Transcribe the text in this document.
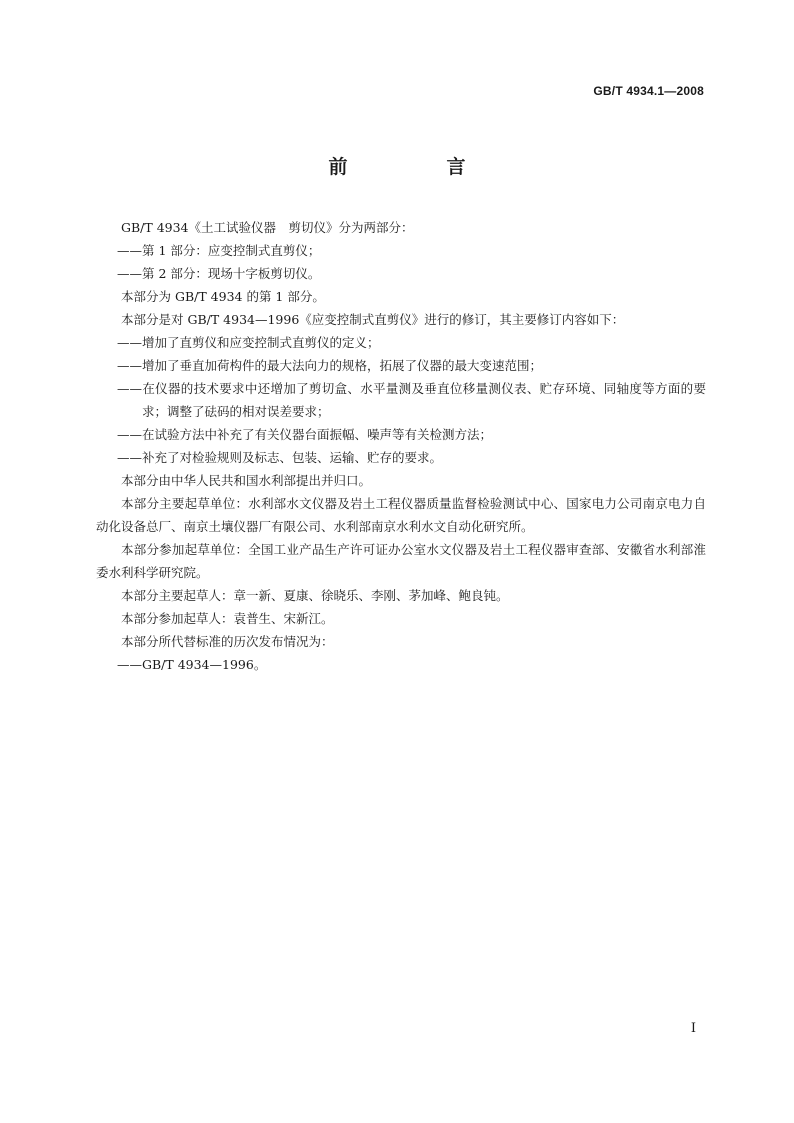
GB/T 4934.1—2008
前　言

GB/T 4934《土工试验仪器　剪切仪》分为两部分：

——第 1 部分：应变控制式直剪仪；

——第 2 部分：现场十字板剪切仪。

本部分为 GB/T 4934 的第 1 部分。

本部分是对 GB/T 4934—1996《应变控制式直剪仪》进行的修订，其主要修订内容如下：

——增加了直剪仪和应变控制式直剪仪的定义；

——增加了垂直加荷构件的最大法向力的规格，拓展了仪器的最大变速范围；

——在仪器的技术要求中还增加了剪切盒、水平量测及垂直位移量测仪表、贮存环境、同轴度等方面的要求；调整了砝码的相对误差要求；

——在试验方法中补充了有关仪器台面振幅、噪声等有关检测方法；

——补充了对检验规则及标志、包装、运输、贮存的要求。

本部分由中华人民共和国水利部提出并归口。

本部分主要起草单位：水利部水文仪器及岩土工程仪器质量监督检验测试中心、国家电力公司南京电力自动化设备总厂、南京土壤仪器厂有限公司、水利部南京水利水文自动化研究所。

本部分参加起草单位：全国工业产品生产许可证办公室水文仪器及岩土工程仪器审查部、安徽省水利部淮委水利科学研究院。

本部分主要起草人：章一新、夏康、徐晓乐、李刚、茅加峰、鲍良钝。

本部分参加起草人：袁普生、宋新江。

本部分所代替标准的历次发布情况为：

——GB/T 4934—1996。

I
